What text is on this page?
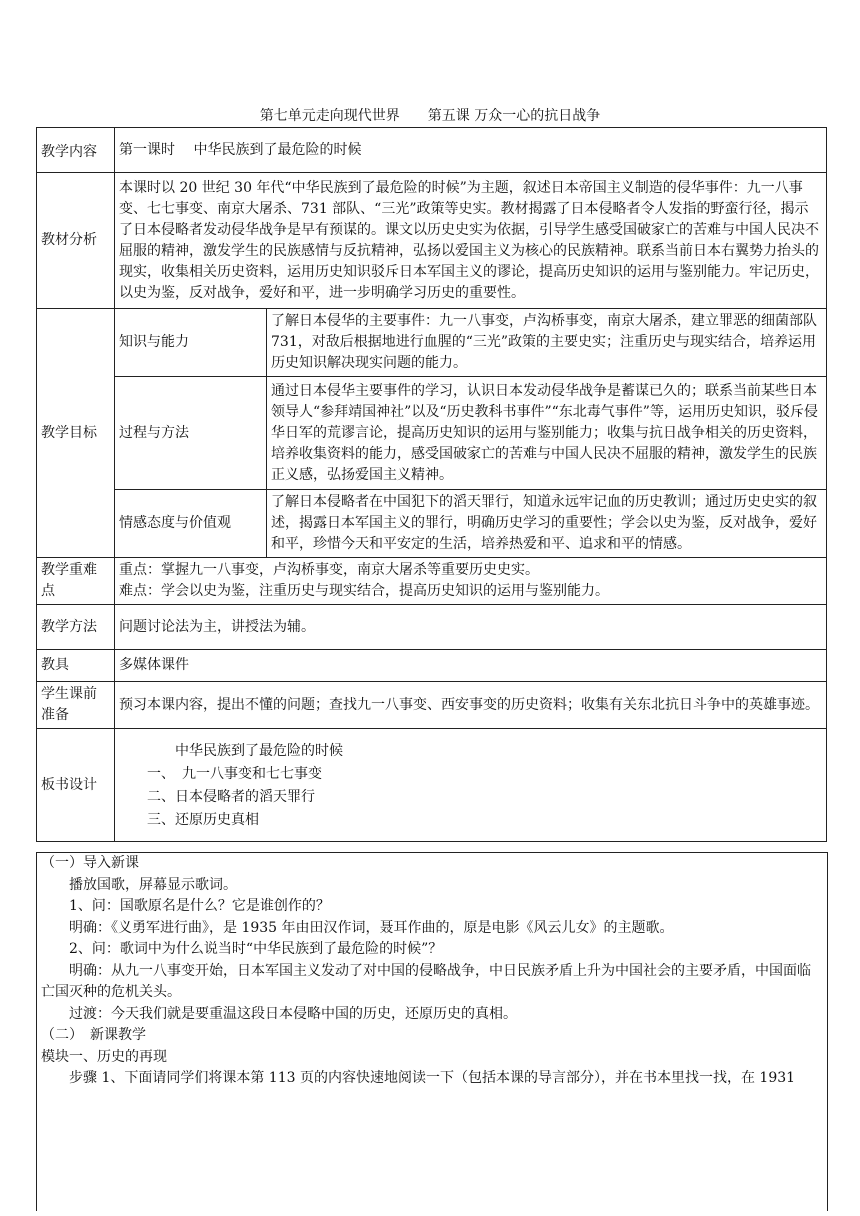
第七单元走向现代世界　　第五课 万众一心的抗日战争
教学内容	第一课时　 中华民族到了最危险的时候	
教材分析	本课时以 20 世纪 30 年代“中华民族到了最危险的时候”为主题，叙述日本帝国主义制造的侵华事件：九一八事变、七七事变、南京大屠杀、731 部队、“三光”政策等史实。教材揭露了日本侵略者令人发指的野蛮行径，揭示了日本侵略者发动侵华战争是早有预谋的。课文以历史史实为依据，引导学生感受国破家亡的苦难与中国人民决不屈服的精神，激发学生的民族感情与反抗精神，弘扬以爱国主义为核心的民族精神。联系当前日本右翼势力抬头的现实，收集相关历史资料，运用历史知识驳斥日本军国主义的谬论，提高历史知识的运用与鉴别能力。牢记历史，以史为鉴，反对战争，爱好和平，进一步明确学习历史的重要性。	
教学目标	知识与能力	了解日本侵华的主要事件：九一八事变，卢沟桥事变，南京大屠杀，建立罪恶的细菌部队 731，对敌后根据地进行血腥的“三光”政策的主要史实；注重历史与现实结合，培养运用历史知识解决现实问题的能力。
	过程与方法	通过日本侵华主要事件的学习，认识日本发动侵华战争是蓄谋已久的；联系当前某些日本领导人“参拜靖国神社”以及“历史教科书事件”“东北毒气事件”等，运用历史知识，驳斥侵华日军的荒谬言论，提高历史知识的运用与鉴别能力；收集与抗日战争相关的历史资料，培养收集资料的能力，感受国破家亡的苦难与中国人民决不屈服的精神，激发学生的民族正义感，弘扬爱国主义精神。
	情感态度与价值观	了解日本侵略者在中国犯下的滔天罪行，知道永远牢记血的历史教训；通过历史史实的叙述，揭露日本军国主义的罪行，明确历史学习的重要性；学会以史为鉴，反对战争，爱好和平，珍惜今天和平安定的生活，培养热爱和平、追求和平的情感。
教学重难点	重点：掌握九一八事变，卢沟桥事变，南京大屠杀等重要历史史实。
难点：学会以史为鉴，注重历史与现实结合，提高历史知识的运用与鉴别能力。	

教学方法	问题讨论法为主，讲授法为辅。	
教具	多媒体课件	
学生课前准备	预习本课内容，提出不懂的问题；查找九一八事变、西安事变的历史资料；收集有关东北抗日斗争中的英雄事迹。	
板书设计	　　　　中华民族到了最危险的时候
　　一、　九一八事变和七七事变
　　二、日本侵略者的滔天罪行
　　三、还原历史真相	

（一）导入新课

播放国歌，屏幕显示歌词。

1、问：国歌原名是什么？它是谁创作的？

明确：《义勇军进行曲》，是 1935 年由田汉作词，聂耳作曲的，原是电影《风云儿女》的主题歌。

2、问：歌词中为什么说当时“中华民族到了最危险的时候”？

明确：从九一八事变开始，日本军国主义发动了对中国的侵略战争，中日民族矛盾上升为中国社会的主要矛盾，中国面临亡国灭种的危机关头。

过渡：今天我们就是要重温这段日本侵略中国的历史，还原历史的真相。

（二）　新课教学

模块一、历史的再现

步骤 1、下面请同学们将课本第 113 页的内容快速地阅读一下（包括本课的导言部分），并在书本里找一找，在 1931
